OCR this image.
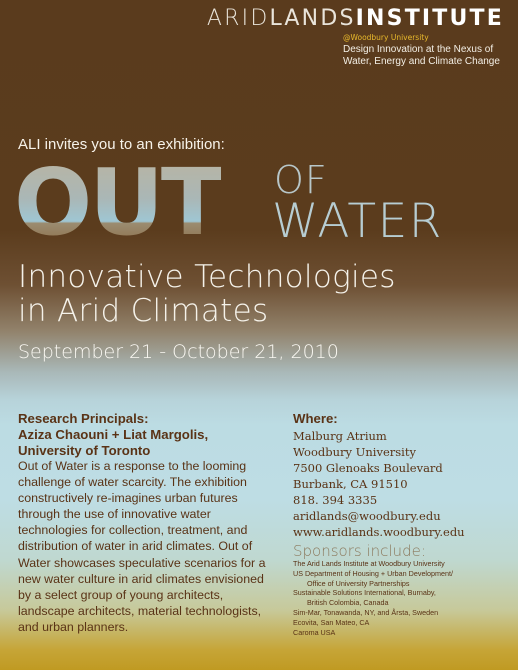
ARIDLANDSINSTITUTE
@Woodbury University
Design Innovation at the Nexus of Water, Energy and Climate Change
ALI invites you to an exhibition:
OUT OF
WATER
Innovative Technologies
in Arid Climates
September 21 - October 21, 2010
Research Principals:
Aziza Chaouni + Liat Margolis,
University of Toronto
Out of Water is a response to the looming challenge of water scarcity. The exhibition constructively re-imagines urban futures through the use of innovative water technologies for collection, treatment, and distribution of water in arid climates. Out of Water showcases speculative scenarios for a new water culture in arid climates envisioned by a select group of young architects, landscape architects, material technologists, and urban planners.
Where:
Malburg Atrium
Woodbury University
7500 Glenoaks Boulevard
Burbank, CA 91510
818. 394 3335
aridlands@woodbury.edu
www.aridlands.woodbury.edu
Sponsors include:
The Arid Lands Institute at Woodbury University
US Department of Housing + Urban Development/
Office of University Partnerships
Sustainable Solutions International, Burnaby,
British Colombia, Canada
Sim-Mar, Tonawanda, NY, and Årsta, Sweden
Ecovita, San Mateo, CA
Caroma USA
